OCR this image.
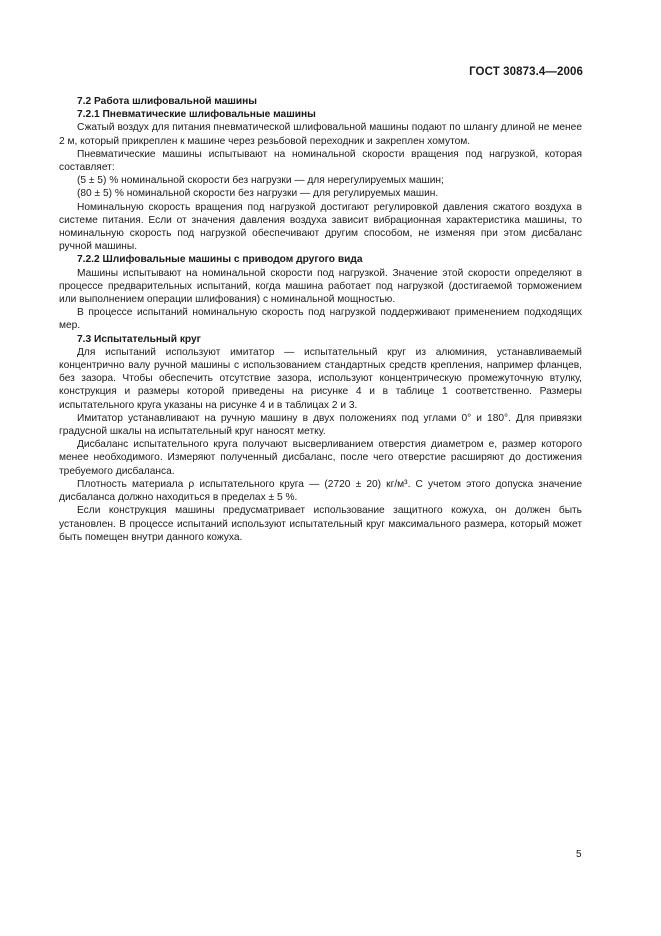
ГОСТ 30873.4—2006

7.2 Работа шлифовальной машины

7.2.1 Пневматические шлифовальные машины

Сжатый воздух для питания пневматической шлифовальной машины подают по шлангу длиной не менее 2 м, который прикреплен к машине через резьбовой переходник и закреплен хомутом.

Пневматические машины испытывают на номинальной скорости вращения под нагрузкой, которая составляет:

(5 ± 5) % номинальной скорости без нагрузки — для нерегулируемых машин;

(80 ± 5) % номинальной скорости без нагрузки — для регулируемых машин.

Номинальную скорость вращения под нагрузкой достигают регулировкой давления сжатого воздуха в системе питания. Если от значения давления воздуха зависит вибрационная характеристика машины, то номинальную скорость под нагрузкой обеспечивают другим способом, не изменяя при этом дисбаланс ручной машины.

7.2.2 Шлифовальные машины с приводом другого вида

Машины испытывают на номинальной скорости под нагрузкой. Значение этой скорости определяют в процессе предварительных испытаний, когда машина работает под нагрузкой (достигаемой торможением или выполнением операции шлифования) с номинальной мощностью.

В процессе испытаний номинальную скорость под нагрузкой поддерживают применением подходящих мер.

7.3 Испытательный круг

Для испытаний используют имитатор — испытательный круг из алюминия, устанавливаемый концентрично валу ручной машины с использованием стандартных средств крепления, например фланцев, без зазора. Чтобы обеспечить отсутствие зазора, используют концентрическую промежуточную втулку, конструкция и размеры которой приведены на рисунке 4 и в таблице 1 соответственно. Размеры испытательного круга указаны на рисунке 4 и в таблицах 2 и 3.

Имитатор устанавливают на ручную машину в двух положениях под углами 0° и 180°. Для привязки градусной шкалы на испытательный круг наносят метку.

Дисбаланс испытательного круга получают высверливанием отверстия диаметром e, размер которого менее необходимого. Измеряют полученный дисбаланс, после чего отверстие расширяют до достижения требуемого дисбаланса.

Плотность материала ρ испытательного круга — (2720 ± 20) кг/м³. С учетом этого допуска значение дисбаланса должно находиться в пределах ± 5 %.

Если конструкция машины предусматривает использование защитного кожуха, он должен быть установлен. В процессе испытаний используют испытательный круг максимального размера, который может быть помещен внутри данного кожуха.

5
